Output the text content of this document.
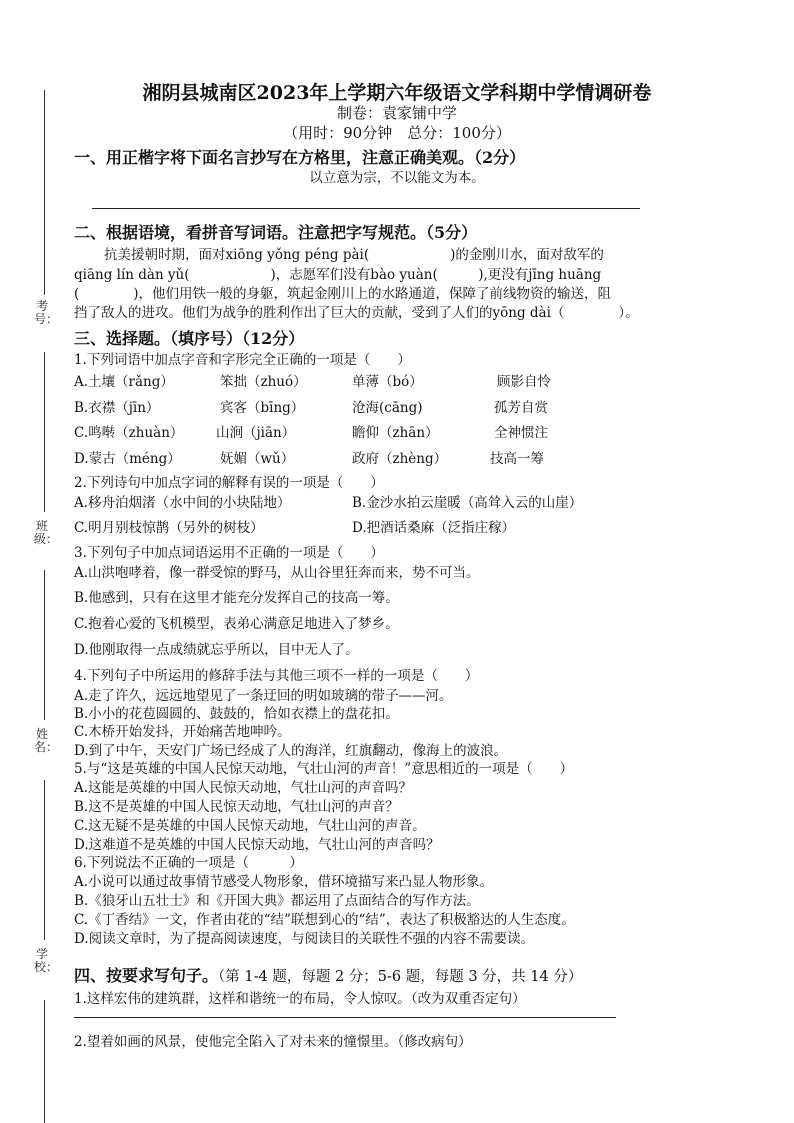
考号：
班级：
姓名：
学校：
湘阴县城南区2023年上学期六年级语文学科期中学情调研卷
制卷：袁家铺中学
（用时：90分钟　总分：100分）
一、用正楷字将下面名言抄写在方格里，注意正确美观。（2分）
以立意为宗，不以能文为本。
二、根据语境，看拼音写词语。注意把字写规范。（5分）
抗美援朝时期，面对xiōng yǒng péng pài(　　　　　　)的金刚川水，面对敌军的
qiāng lín dàn yǔ(　　　　　　)，志愿军们没有bào yuàn(　　　),更没有jīng huāng
(　　　　)，他们用铁一般的身躯，筑起金刚川上的水路通道，保障了前线物资的输送，阻
挡了敌人的进攻。他们为战争的胜利作出了巨大的贡献，受到了人们的yōng dài（　　　　）。
三、选择题。（填序号）（12分）
1.下列词语中加点字音和字形完全正确的一项是（　　）
A.土壤（rǎng）	笨拙（zhuó）	单薄（bó）	顾影自怜
B.衣襟（jīn）	宾客（bīng）	沧海(cāng)	孤芳自赏
C.鸣啭（zhuàn） 山涧（jiān）	瞻仰（zhān）	全神惯注
D.蒙古（méng）	妩媚（wǔ）	政府（zhèng）	技高一筹
2.下列诗句中加点字词的解释有误的一项是（　　）
A.移舟泊烟渚（水中间的小块陆地）	B.金沙水拍云崖暖（高耸入云的山崖）
C.明月别枝惊鹊（另外的树枝）	D.把酒话桑麻（泛指庄稼）
3.下列句子中加点词语运用不正确的一项是（　　）
A.山洪咆哮着，像一群受惊的野马，从山谷里狂奔而来，势不可当。
B.他感到，只有在这里才能充分发挥自己的技高一筹。
C.抱着心爱的飞机模型，表弟心满意足地进入了梦乡。
D.他刚取得一点成绩就忘乎所以，目中无人了。
4.下列句子中所运用的修辞手法与其他三项不一样的一项是（　　）
A.走了许久，远远地望见了一条迂回的明如玻璃的带子——河。
B.小小的花苞圆圆的、鼓鼓的，恰如衣襟上的盘花扣。
C.木桥开始发抖，开始痛苦地呻吟。
D.到了中午，天安门广场已经成了人的海洋，红旗翻动，像海上的波浪。
5.与“这是英雄的中国人民惊天动地，气壮山河的声音！”意思相近的一项是（　　）
A.这能是英雄的中国人民惊天动地，气壮山河的声音吗？
B.这不是英雄的中国人民惊天动地，气壮山河的声音？
C.这无疑不是英雄的中国人民惊天动地，气壮山河的声音。
D.这难道不是英雄的中国人民惊天动地，气壮山河的声音吗？
6.下列说法不正确的一项是（　　　）
A.小说可以通过故事情节感受人物形象，借环境描写来凸显人物形象。
B.《狼牙山五壮士》和《开国大典》都运用了点面结合的写作方法。
C.《丁香结》一文，作者由花的“结”联想到心的“结”，表达了积极豁达的人生态度。
D.阅读文章时，为了提高阅读速度，与阅读目的关联性不强的内容不需要读。
四、按要求写句子。（第 1-4 题，每题 2 分；5-6 题，每题 3 分，共 14 分）
1.这样宏伟的建筑群，这样和谐统一的布局，令人惊叹。（改为双重否定句）
2.望着如画的风景，使他完全陷入了对未来的憧憬里。（修改病句）
